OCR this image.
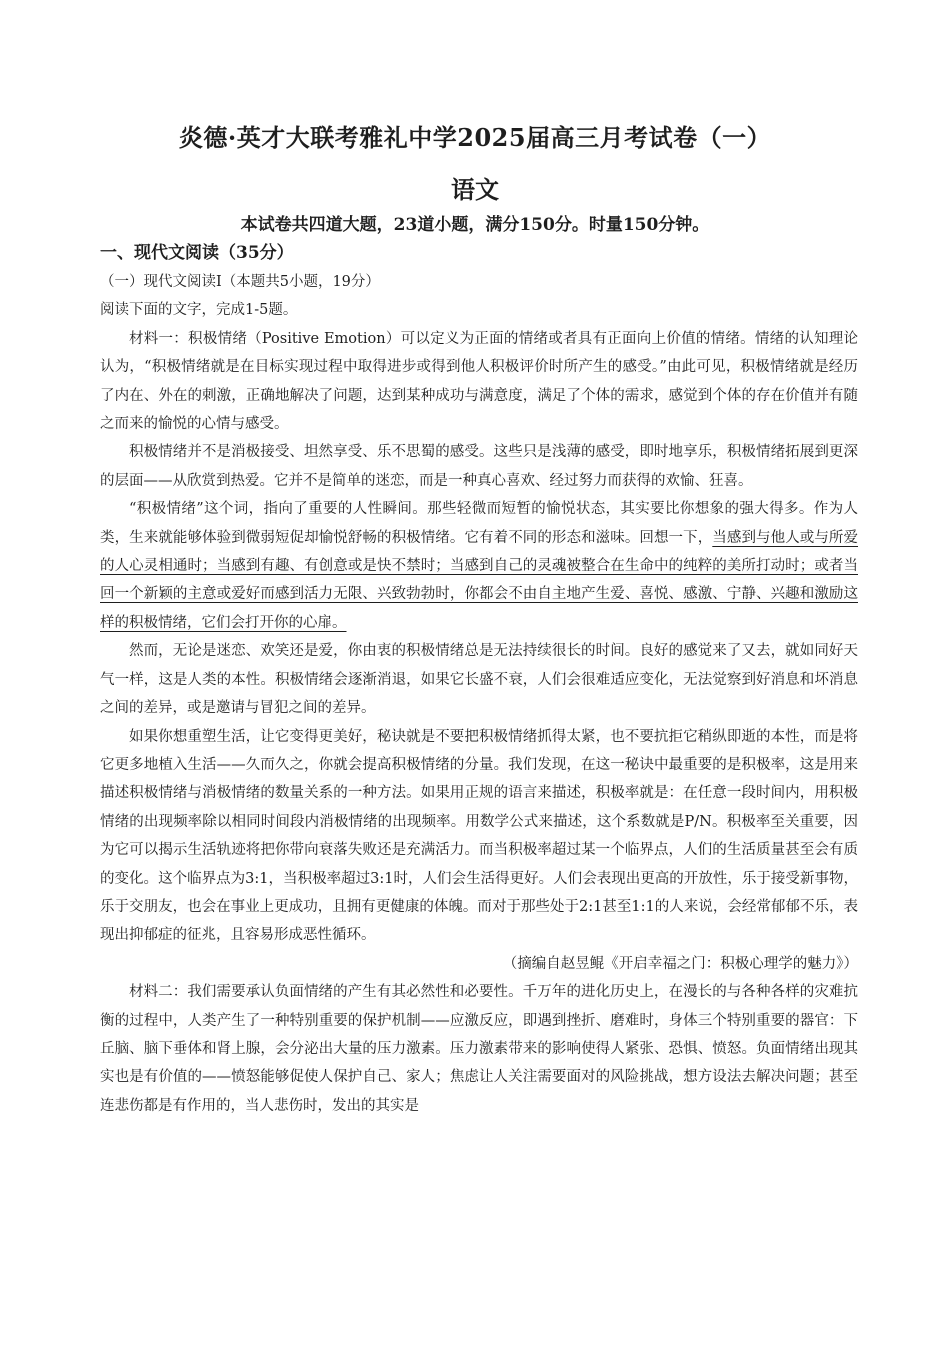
炎德·英才大联考雅礼中学2025届高三月考试卷（一）
语文
本试卷共四道大题，23道小题，满分150分。时量150分钟。
一、现代文阅读（35分）

（一）现代文阅读Ⅰ（本题共5小题，19分）

阅读下面的文字，完成1-5题。

材料一：积极情绪（Positive Emotion）可以定义为正面的情绪或者具有正面向上价值的情绪。情绪的认知理论认为，“积极情绪就是在目标实现过程中取得进步或得到他人积极评价时所产生的感受。”由此可见，积极情绪就是经历了内在、外在的刺激，正确地解决了问题，达到某种成功与满意度，满足了个体的需求，感觉到个体的存在价值并有随之而来的愉悦的心情与感受。

积极情绪并不是消极接受、坦然享受、乐不思蜀的感受。这些只是浅薄的感受，即时地享乐，积极情绪拓展到更深的层面——从欣赏到热爱。它并不是简单的迷恋，而是一种真心喜欢、经过努力而获得的欢愉、狂喜。

“积极情绪”这个词，指向了重要的人性瞬间。那些轻微而短暂的愉悦状态，其实要比你想象的强大得多。作为人类，生来就能够体验到微弱短促却愉悦舒畅的积极情绪。它有着不同的形态和滋味。回想一下，当感到与他人或与所爱的人心灵相通时；当感到有趣、有创意或是快不禁时；当感到自己的灵魂被整合在生命中的纯粹的美所打动时；或者当回一个新颖的主意或爱好而感到活力无限、兴致勃勃时，你都会不由自主地产生爱、喜悦、感激、宁静、兴趣和激励这样的积极情绪，它们会打开你的心扉。

然而，无论是迷恋、欢笑还是爱，你由衷的积极情绪总是无法持续很长的时间。良好的感觉来了又去，就如同好天气一样，这是人类的本性。积极情绪会逐渐消退，如果它长盛不衰，人们会很难适应变化，无法觉察到好消息和坏消息之间的差异，或是邀请与冒犯之间的差异。

如果你想重塑生活，让它变得更美好，秘诀就是不要把积极情绪抓得太紧，也不要抗拒它稍纵即逝的本性，而是将它更多地植入生活——久而久之，你就会提高积极情绪的分量。我们发现，在这一秘诀中最重要的是积极率，这是用来描述积极情绪与消极情绪的数量关系的一种方法。如果用正规的语言来描述，积极率就是：在任意一段时间内，用积极情绪的出现频率除以相同时间段内消极情绪的出现频率。用数学公式来描述，这个系数就是P/N。积极率至关重要，因为它可以揭示生活轨迹将把你带向衰落失败还是充满活力。而当积极率超过某一个临界点，人们的生活质量甚至会有质的变化。这个临界点为3:1，当积极率超过3:1时，人们会生活得更好。人们会表现出更高的开放性，乐于接受新事物，乐于交朋友，也会在事业上更成功，且拥有更健康的体魄。而对于那些处于2:1甚至1:1的人来说，会经常郁郁不乐，表现出抑郁症的征兆，且容易形成恶性循环。

（摘编自赵昱鲲《开启幸福之门：积极心理学的魅力》）

材料二：我们需要承认负面情绪的产生有其必然性和必要性。千万年的进化历史上，在漫长的与各种各样的灾难抗衡的过程中，人类产生了一种特别重要的保护机制——应激反应，即遇到挫折、磨难时，身体三个特别重要的器官：下丘脑、脑下垂体和肾上腺，会分泌出大量的压力激素。压力激素带来的影响使得人紧张、恐惧、愤怒。负面情绪出现其实也是有价值的——愤怒能够促使人保护自己、家人；焦虑让人关注需要面对的风险挑战，想方设法去解决问题；甚至连悲伤都是有作用的，当人悲伤时，发出的其实是
